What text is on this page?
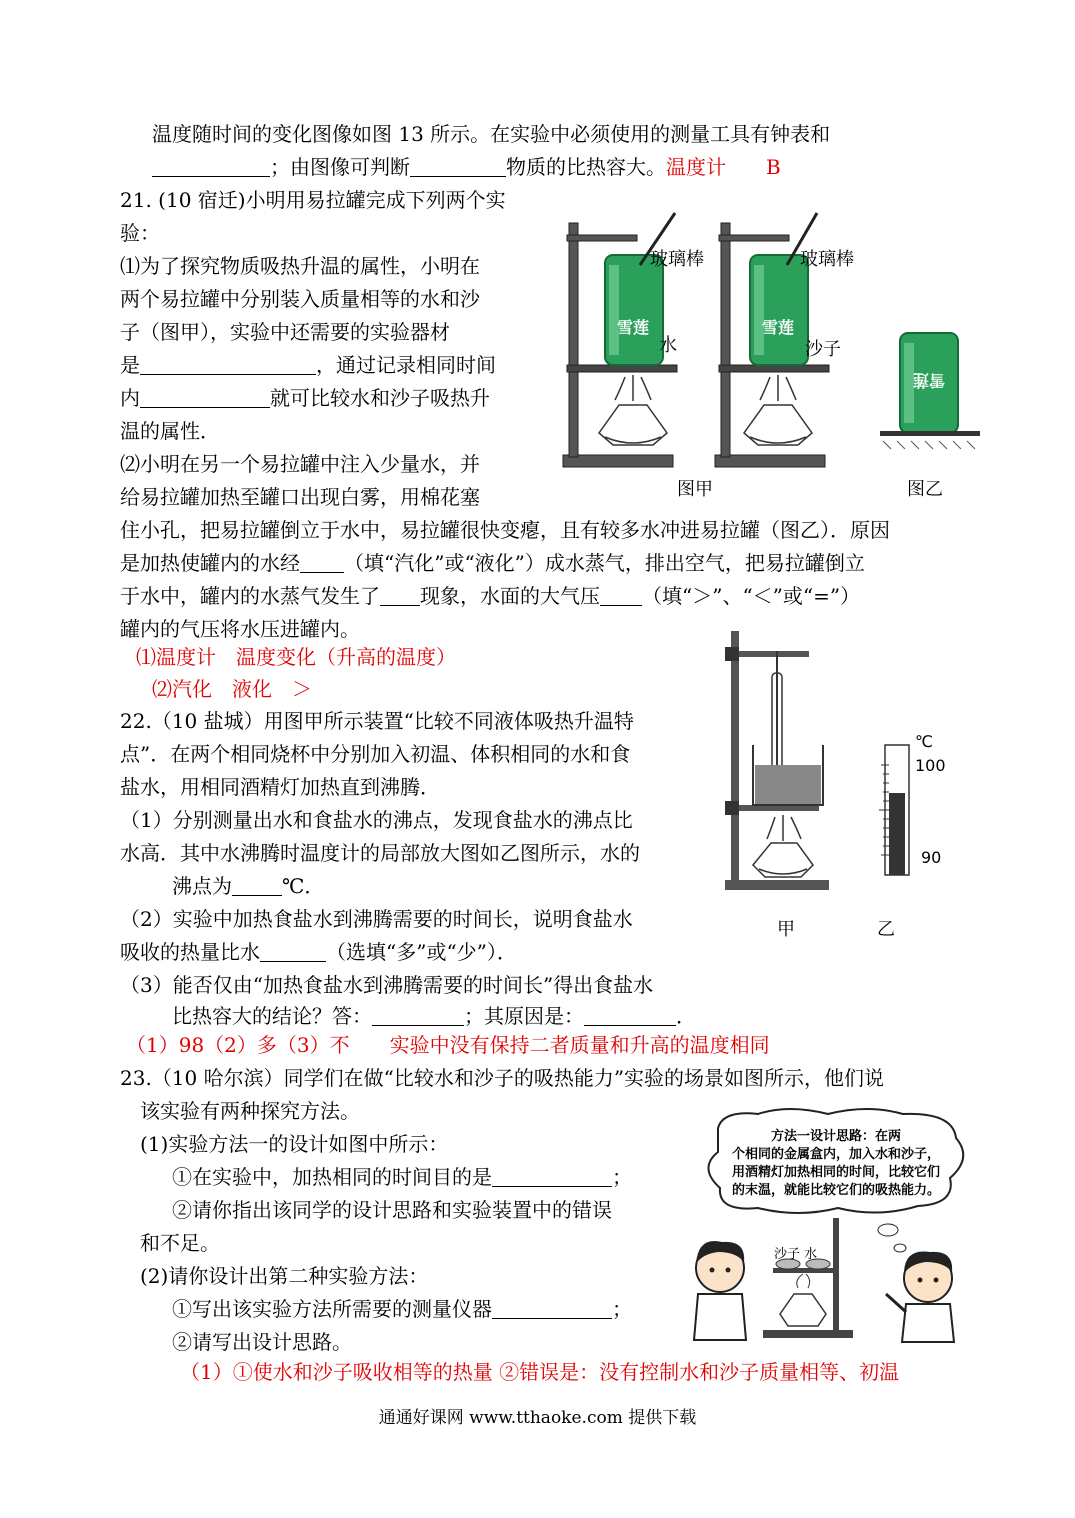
温度随时间的变化图像如图 13 所示。在实验中必须使用的测量工具有钟表和
；由图像可判断	物质的比热容大。温度计　　B
21. (10 宿迁)小明用易拉罐完成下列两个实
验：
⑴为了探究物质吸热升温的属性，小明在
两个易拉罐中分别装入质量相等的水和沙
子（图甲），实验中还需要的实验器材
是	，通过记录相同时间
内	就可比较水和沙子吸热升
温的属性．
⑵小明在另一个易拉罐中注入少量水，并
给易拉罐加热至罐口出现白雾，用棉花塞
住小孔，把易拉罐倒立于水中，易拉罐很快变瘪，且有较多水冲进易拉罐（图乙）．原因
是加热使罐内的水经 （填“汽化”或“液化”）成水蒸气，排出空气，把易拉罐倒立
于水中，罐内的水蒸气发生了 现象，水面的大气压 （填“＞”、“＜”或“=”）
罐内的气压将水压进罐内。
⑴温度计　温度变化（升高的温度）
⑵汽化　液化　＞
22.（10 盐城）用图甲所示装置“比较不同液体吸热升温特
点”．在两个相同烧杯中分别加入初温、体积相同的水和食
盐水，用相同酒精灯加热直到沸腾．
（1）分别测量出水和食盐水的沸点，发现食盐水的沸点比
水高．其中水沸腾时温度计的局部放大图如乙图所示，水的
沸点为	℃．
（2）实验中加热食盐水到沸腾需要的时间长，说明食盐水
吸收的热量比水	（选填“多”或“少”）．
（3）能否仅由“加热食盐水到沸腾需要的时间长”得出食盐水
比热容大的结论？答：	；其原因是：	．
（1）98（2）多（3）不　　实验中没有保持二者质量和升高的温度相同
23.（10 哈尔滨）同学们在做“比较水和沙子的吸热能力”实验的场景如图所示，他们说
该实验有两种探究方法。
(1)实验方法一的设计如图中所示：
①在实验中，加热相同的时间目的是	；
②请你指出该同学的设计思路和实验装置中的错误
和不足。
(2)请你设计出第二种实验方法：
①写出该实验方法所需要的测量仪器	；
②请写出设计思路。
（1）①使水和沙子吸收相等的热量 ②错误是：没有控制水和沙子质量相等、初温
通通好课网 www.tthaoke.com 提供下载
雪莲
玻璃棒
水
雪莲
玻璃棒
沙子
雪莲
图甲	图乙
甲
℃
100
90
乙
方法一设计思路：在两
个相同的金属盒内，加入水和沙子，
用酒精灯加热相同的时间，比较它们
的末温，就能比较它们的吸热能力。
沙子 水
